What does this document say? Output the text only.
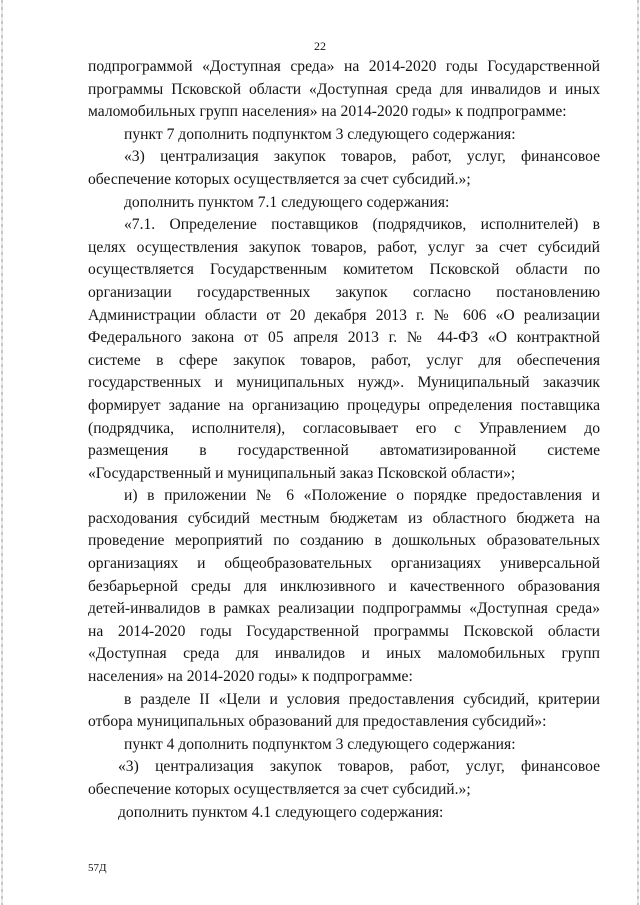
22
подпрограммой «Доступная среда» на 2014-2020 годы Государственной
программы Псковской области «Доступная среда для инвалидов и иных
маломобильных групп населения» на 2014-2020 годы» к подпрограмме:
пункт 7 дополнить подпунктом 3 следующего содержания:
«3) централизация закупок товаров, работ, услуг, финансовое
обеспечение которых осуществляется за счет субсидий.»;
дополнить пунктом 7.1 следующего содержания:
«7.1. Определение поставщиков (подрядчиков, исполнителей) в
целях осуществления закупок товаров, работ, услуг за счет субсидий
осуществляется Государственным комитетом Псковской области по
организации государственных закупок согласно постановлению
Администрации области от 20 декабря 2013 г. № 606 «О реализации
Федерального закона от 05 апреля 2013 г. № 44-ФЗ «О контрактной
системе в сфере закупок товаров, работ, услуг для обеспечения
государственных и муниципальных нужд». Муниципальный заказчик
формирует задание на организацию процедуры определения поставщика
(подрядчика, исполнителя), согласовывает его с Управлением до
размещения в государственной автоматизированной системе
«Государственный и муниципальный заказ Псковской области»;
и) в приложении № 6 «Положение о порядке предоставления и
расходования субсидий местным бюджетам из областного бюджета на
проведение мероприятий по созданию в дошкольных образовательных
организациях и общеобразовательных организациях универсальной
безбарьерной среды для инклюзивного и качественного образования
детей-инвалидов в рамках реализации подпрограммы «Доступная среда»
на 2014-2020 годы Государственной программы Псковской области
«Доступная среда для инвалидов и иных маломобильных групп
населения» на 2014-2020 годы» к подпрограмме:
в разделе II «Цели и условия предоставления субсидий, критерии
отбора муниципальных образований для предоставления субсидий»:
пункт 4 дополнить подпунктом 3 следующего содержания:
«3) централизация закупок товаров, работ, услуг, финансовое
обеспечение которых осуществляется за счет субсидий.»;
дополнить пунктом 4.1 следующего содержания:
57Д
